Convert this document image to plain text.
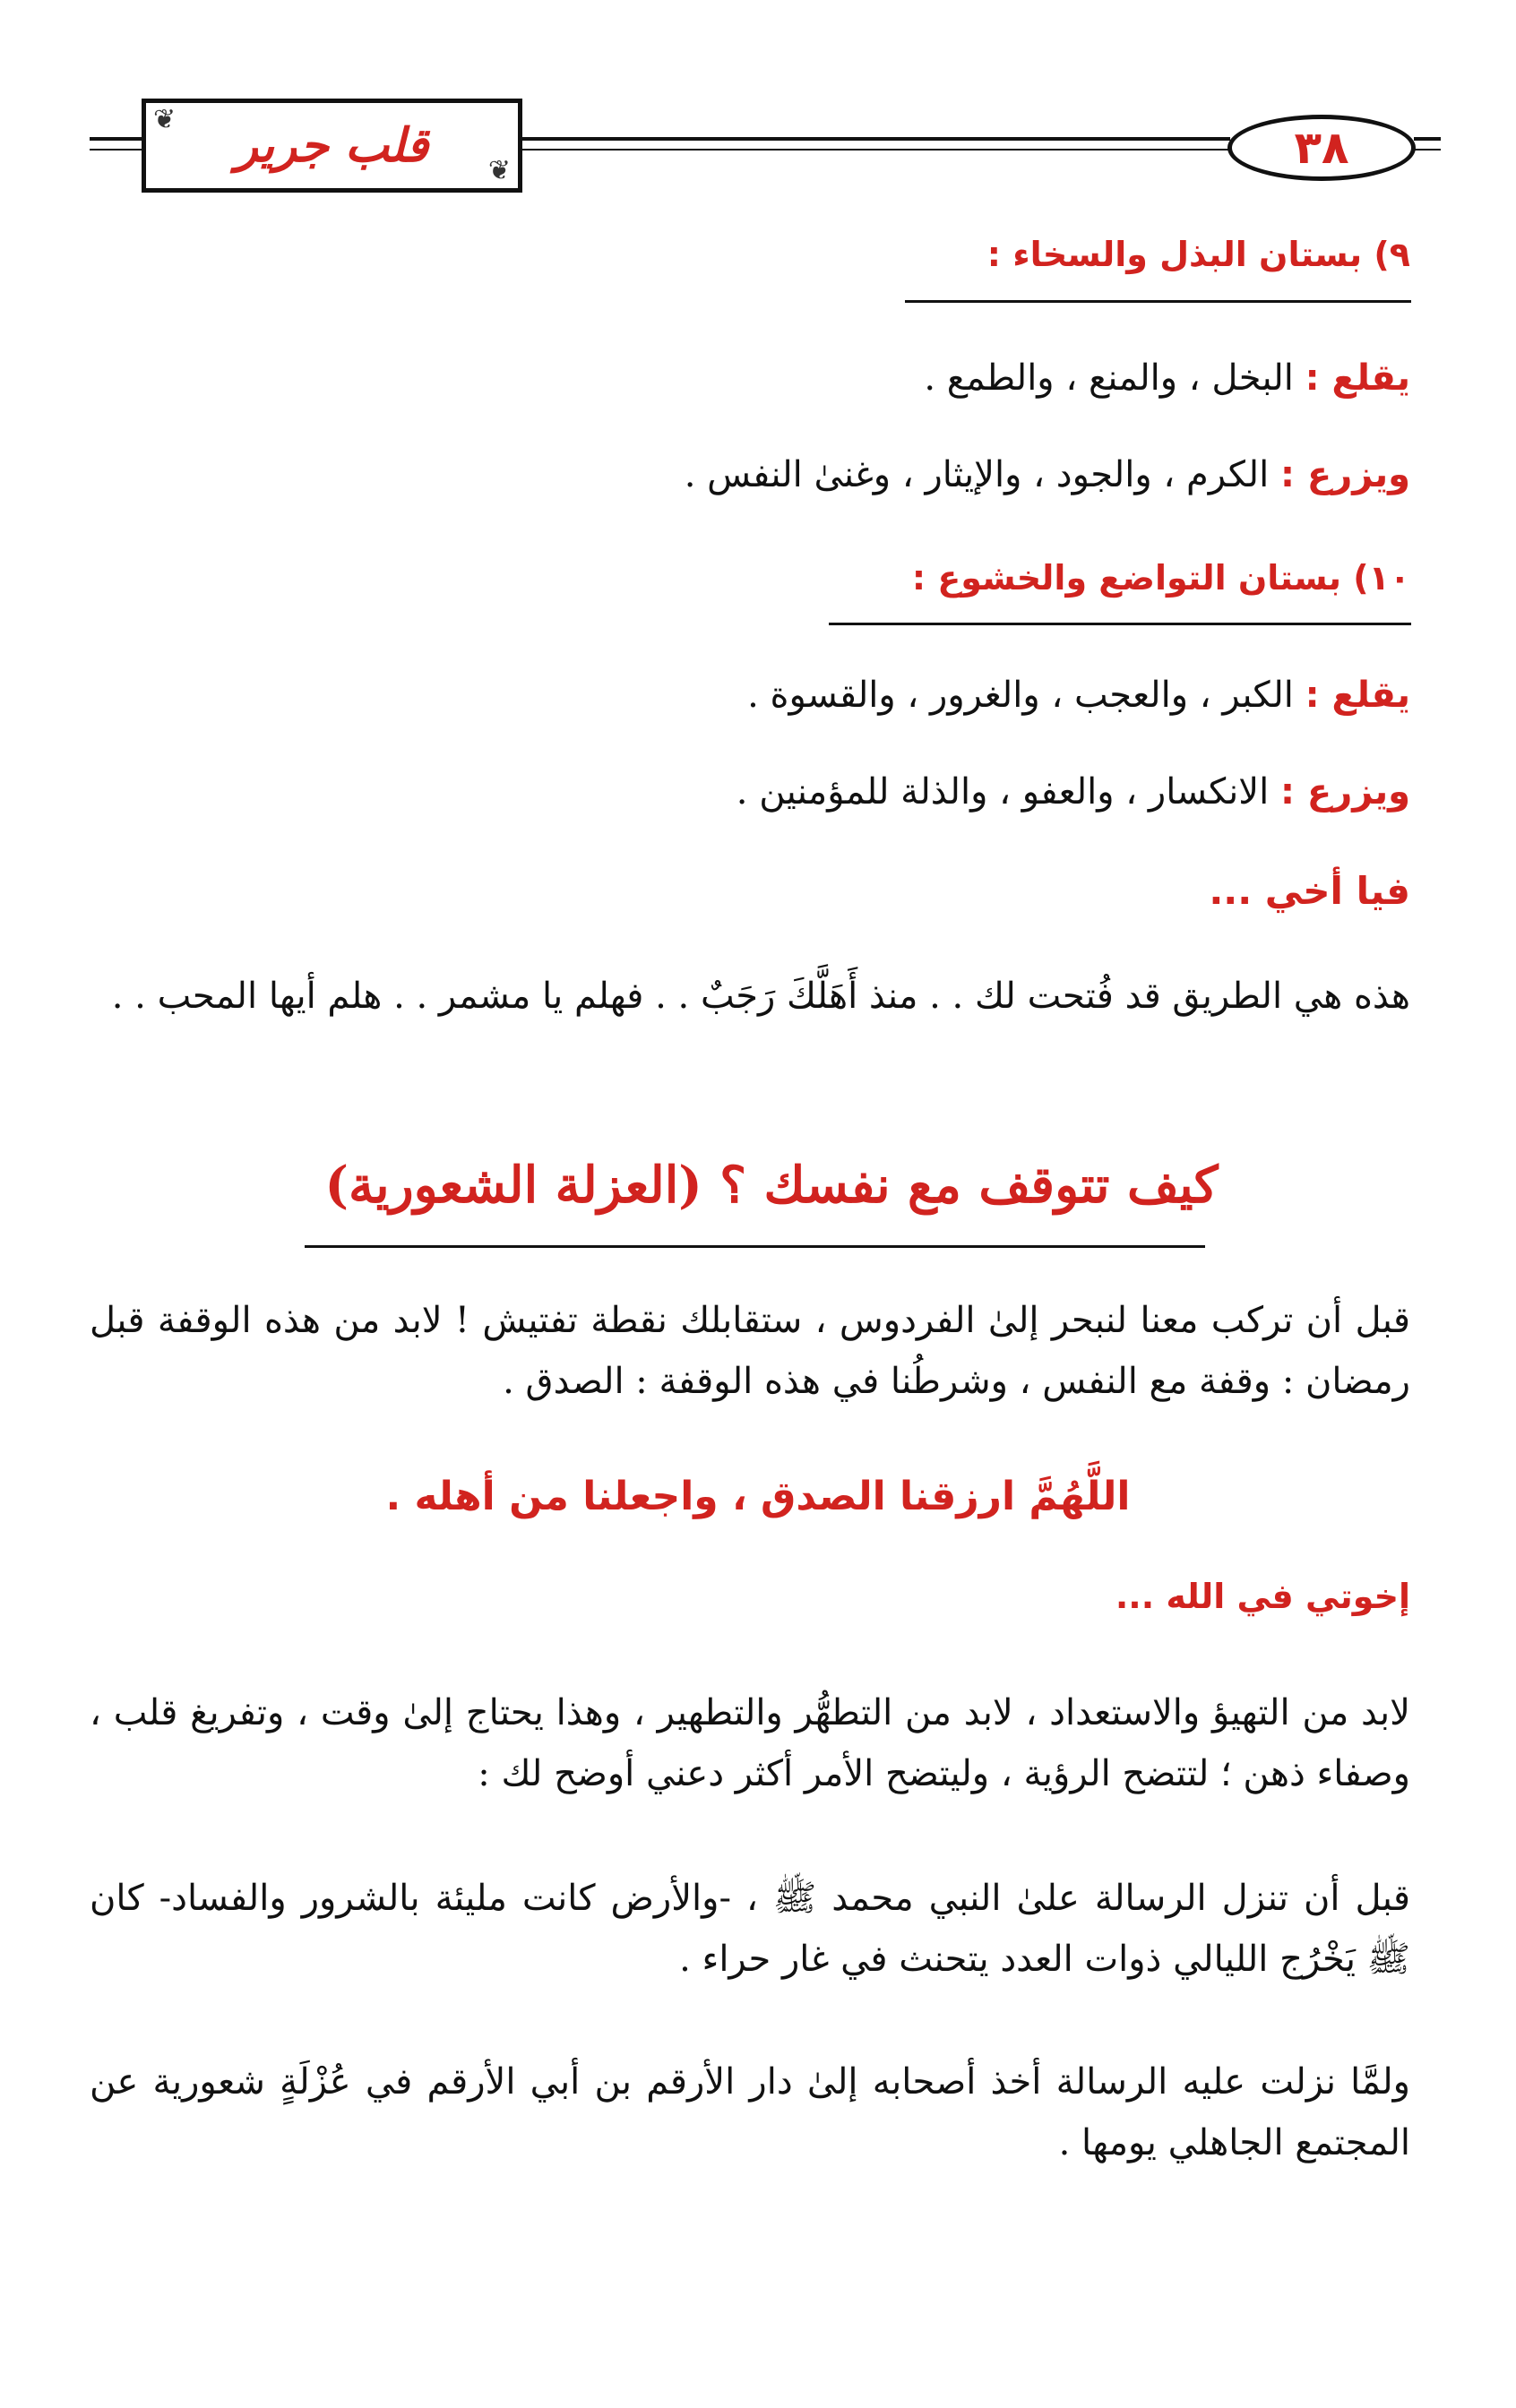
٣٨
❦ قلب جرير ❦
٩) بستان البذل والسخاء :
يقلع : البخل ، والمنع ، والطمع .
ويزرع : الكرم ، والجود ، والإيثار ، وغنىٰ النفس .
١٠) بستان التواضع والخشوع :
يقلع : الكبر ، والعجب ، والغرور ، والقسوة .
ويزرع : الانكسار ، والعفو ، والذلة للمؤمنين .
فيا أخي ...
هذه هي الطريق قد فُتحت لك . . منذ أَهَلَّكَ رَجَبٌ . . فهلم يا مشمر . . هلم أيها المحب . .
كيف تتوقف مع نفسك ؟ (العزلة الشعورية)
قبل أن تركب معنا لنبحر إلىٰ الفردوس ، ستقابلك نقطة تفتيش ! لابد من هذه الوقفة قبل رمضان : وقفة مع النفس ، وشرطُنا في هذه الوقفة : الصدق .
اللَّهُمَّ ارزقنا الصدق ، واجعلنا من أهله .
إخوتي في الله ...
لابد من التهيؤ والاستعداد ، لابد من التطهُّر والتطهير ، وهذا يحتاج إلىٰ وقت ، وتفريغ قلب ، وصفاء ذهن ؛ لتتضح الرؤية ، وليتضح الأمر أكثر دعني أوضح لك :
قبل أن تنزل الرسالة علىٰ النبي محمد ﷺ ، -والأرض كانت مليئة بالشرور والفساد- كان ﷺ يَخْرُج الليالي ذوات العدد يتحنث في غار حراء .
ولمَّا نزلت عليه الرسالة أخذ أصحابه إلىٰ دار الأرقم بن أبي الأرقم في عُزْلَةٍ شعورية عن المجتمع الجاهلي يومها .
